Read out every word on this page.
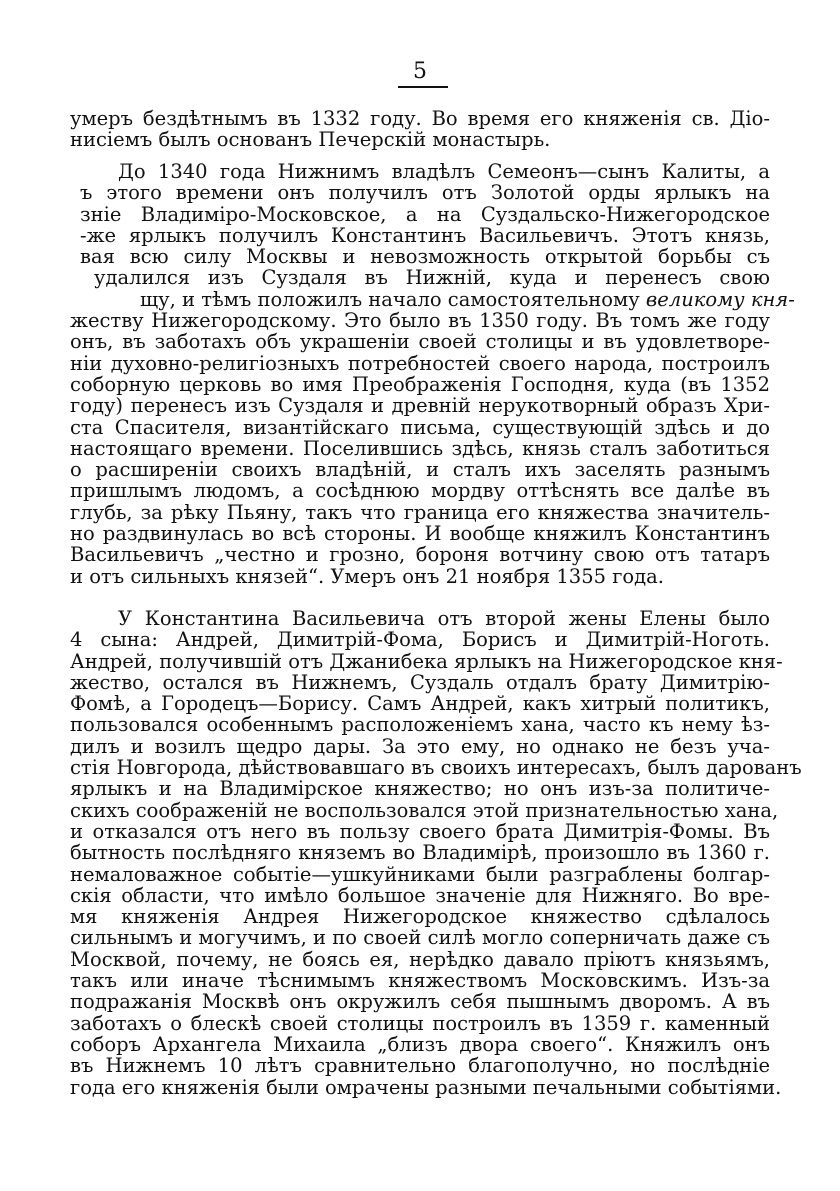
5
умеръ бездѣтнымъ въ 1332 году. Во время его княженія св. Діо-
нисіемъ былъ основанъ Печерскій монастырь.
До 1340 года Нижнимъ владѣлъ Семеонъ—сынъ Калиты, а
ъ этого времени онъ получилъ отъ Золотой орды ярлыкъ на
зніе Владиміро-Московское, а на Суздальско-Нижегородское
-же ярлыкъ получилъ Константинъ Васильевичъ. Этотъ князь,
вая всю силу Москвы и невозможность открытой борьбы съ
удалился изъ Суздаля въ Нижній, куда и перенесъ свою
щу, и тѣмъ положилъ начало самостоятельному великому кня-
жеству Нижегородскому. Это было въ 1350 году. Въ томъ же году
онъ, въ заботахъ объ украшеніи своей столицы и въ удовлетворе-
ніи духовно-религіозныхъ потребностей своего народа, построилъ
соборную церковь во имя Преображенія Господня, куда (въ 1352
году) перенесъ изъ Суздаля и древній нерукотворный образъ Хри-
ста Спасителя, византійскаго письма, существующій здѣсь и до
настоящаго времени. Поселившись здѣсь, князь сталъ заботиться
о расширеніи своихъ владѣній, и сталъ ихъ заселять разнымъ
пришлымъ людомъ, а сосѣднюю мордву оттѣснять все далѣе въ
глубь, за рѣку Пьяну, такъ что граница его княжества значитель-
но раздвинулась во всѣ стороны. И вообще княжилъ Константинъ
Васильевичъ „честно и грозно, бороня вотчину свою отъ татаръ
и отъ сильныхъ князей“. Умеръ онъ 21 ноября 1355 года.
У Константина Васильевича отъ второй жены Елены было
4 сына: Андрей, Димитрій-Фома, Борисъ и Димитрій-Ноготь.
Андрей, получившій отъ Джанибека ярлыкъ на Нижегородское кня-
жество, остался въ Нижнемъ, Суздаль отдалъ брату Димитрію-
Фомѣ, а Городецъ—Борису. Самъ Андрей, какъ хитрый политикъ,
пользовался особеннымъ расположеніемъ хана, часто къ нему ѣз-
дилъ и возилъ щедро дары. За это ему, но однако не безъ уча-
стія Новгорода, дѣйствовавшаго въ своихъ интересахъ, былъ дарованъ
ярлыкъ и на Владимірское княжество; но онъ изъ-за политиче-
скихъ соображеній не воспользовался этой признательностью хана,
и отказался отъ него въ пользу своего брата Димитрія-Фомы. Въ
бытность послѣдняго княземъ во Владимірѣ, произошло въ 1360 г.
немаловажное событіе—ушкуйниками были разграблены болгар-
скія области, что имѣло большое значеніе для Нижняго. Во вре-
мя княженія Андрея Нижегородское княжество сдѣлалось
сильнымъ и могучимъ, и по своей силѣ могло соперничать даже съ
Москвой, почему, не боясь ея, нерѣдко давало пріютъ князьямъ,
такъ или иначе тѣснимымъ княжествомъ Московскимъ. Изъ-за
подражанія Москвѣ онъ окружилъ себя пышнымъ дворомъ. А въ
заботахъ о блескѣ своей столицы построилъ въ 1359 г. каменный
соборъ Архангела Михаила „близъ двора своего“. Княжилъ онъ
въ Нижнемъ 10 лѣтъ сравнительно благополучно, но послѣдніе
года его княженія были омрачены разными печальными событіями.
